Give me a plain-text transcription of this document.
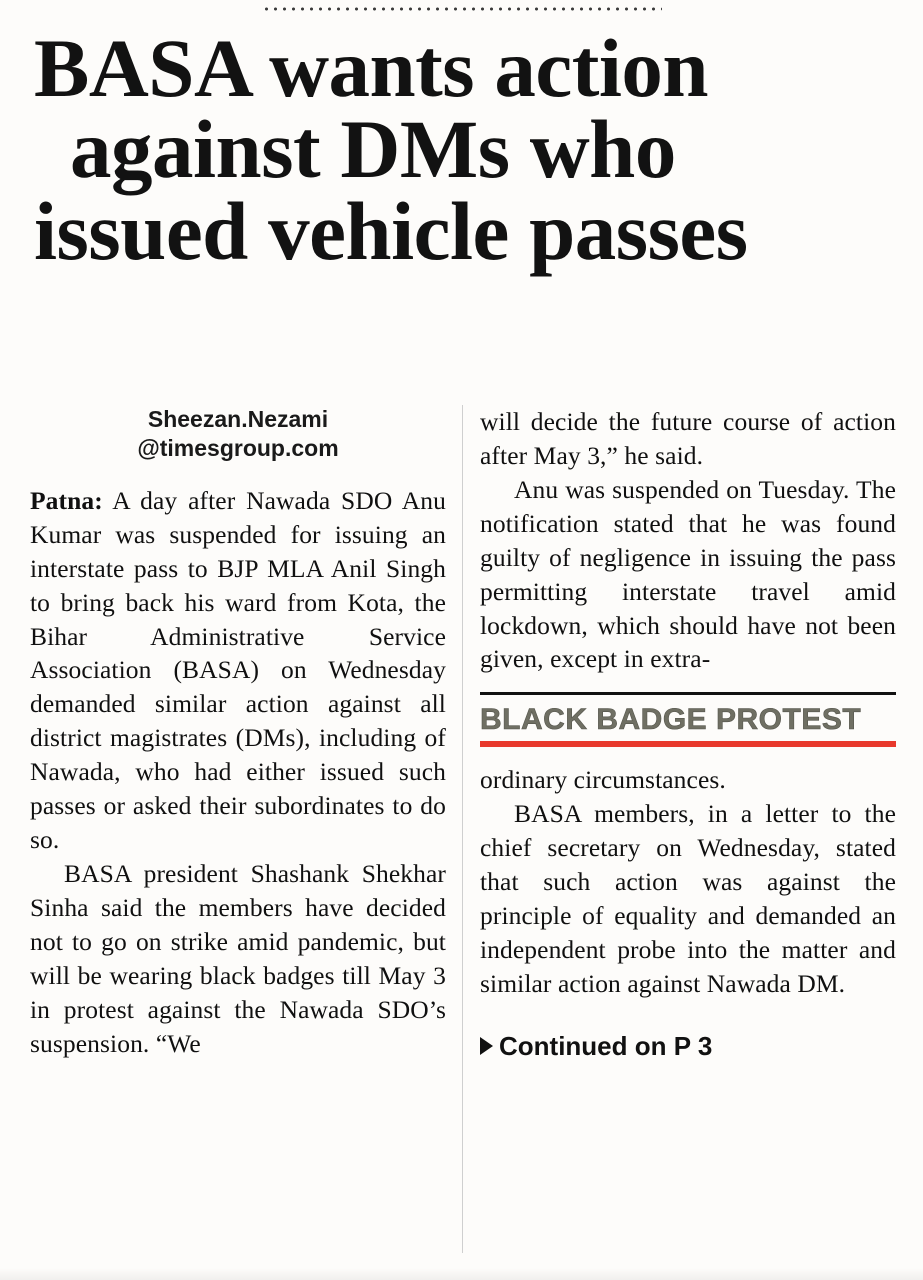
BASA wants action
against DMs who
issued vehicle passes
Sheezan.Nezami
@timesgroup.com

Patna: A day after Nawada SDO Anu Kumar was suspended for issuing an interstate pass to BJP MLA Anil Singh to bring back his ward from Kota, the Bihar Administrative Service Association (BASA) on Wednesday demanded similar action against all district magistrates (DMs), including of Nawada, who had either issued such passes or asked their subordinates to do so.

BASA president Shashank Shekhar Sinha said the members have decided not to go on strike amid pandemic, but will be wearing black badges till May 3 in protest against the Nawada SDO’s suspension. “We

will decide the future course of action after May 3,” he said.

Anu was suspended on Tuesday. The notification stated that he was found guilty of negligence in issuing the pass permitting interstate travel amid lockdown, which should have not been given, except in extra-

BLACK BADGE PROTEST

ordinary circumstances.

BASA members, in a letter to the chief secretary on Wednesday, stated that such action was against the principle of equality and demanded an independent probe into the matter and similar action against Nawada DM.

Continued on P 3
